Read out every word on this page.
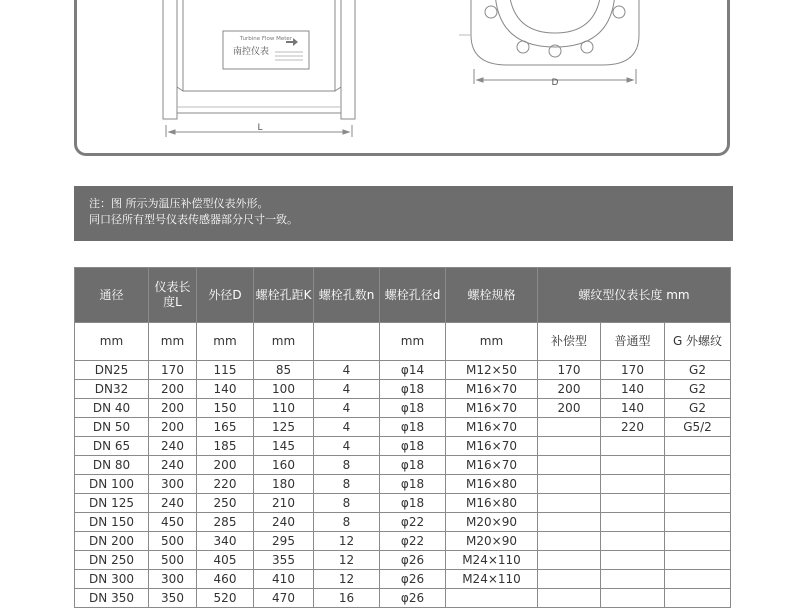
Turbine Flow Meter
南控仪表
L
D
注：图 所示为温压补偿型仪表外形。
同口径所有型号仪表传感器部分尺寸一致。
通径	仪表长度L	外径D	螺栓孔距K	螺栓孔数n	螺栓孔径d	螺栓规格	螺纹型仪表长度 mm		
mm	mm	mm	mm		mm	mm	补偿型	普通型	G 外螺纹
DN25	170	115	85	4	φ14	M12×50	170	170	G2
DN32	200	140	100	4	φ18	M16×70	200	140	G2
DN 40	200	150	110	4	φ18	M16×70	200	140	G2
DN 50	200	165	125	4	φ18	M16×70		220	G5/2
DN 65	240	185	145	4	φ18	M16×70			
DN 80	240	200	160	8	φ18	M16×70			
DN 100	300	220	180	8	φ18	M16×80			
DN 125	240	250	210	8	φ18	M16×80			
DN 150	450	285	240	8	φ22	M20×90			
DN 200	500	340	295	12	φ22	M20×90			
DN 250	500	405	355	12	φ26	M24×110			
DN 300	300	460	410	12	φ26	M24×110			
DN 350	350	520	470	16	φ26				
